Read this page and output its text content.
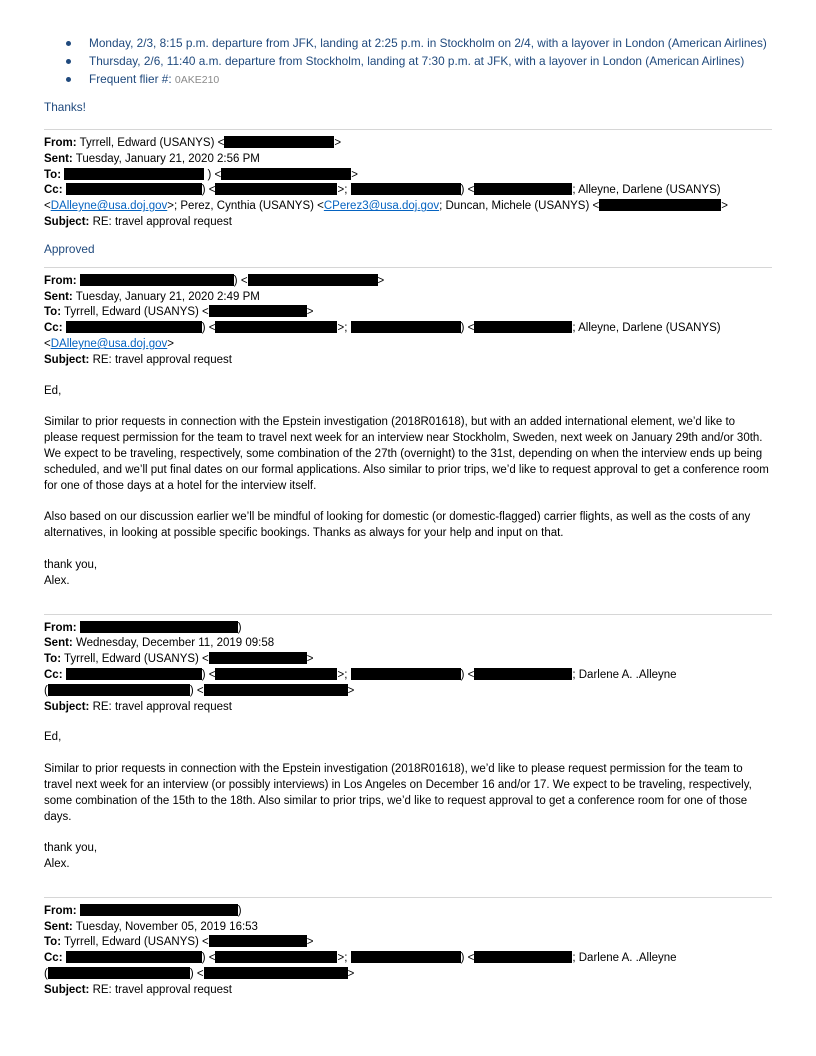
Monday, 2/3, 8:15 p.m. departure from JFK, landing at 2:25 p.m. in Stockholm on 2/4, with a layover in London (American Airlines)
Thursday, 2/6, 11:40 a.m. departure from Stockholm, landing at 7:30 p.m. at JFK, with a layover in London (American Airlines)
Frequent flier #: 0AKE210
Thanks!
From: Tyrrell, Edward (USANYS) <	>
Sent: Tuesday, January 21, 2020 2:56 PM
To:	) <	>
Cc:	) <	>;	) <	; Alleyne, Darlene (USANYS)
<DAlleyne@usa.doj.gov>; Perez, Cynthia (USANYS) <CPerez3@usa.doj.gov; Duncan, Michele (USANYS) <	>
Subject: RE: travel approval request
Approved
From:	) <	>
Sent: Tuesday, January 21, 2020 2:49 PM
To: Tyrrell, Edward (USANYS) <	>
Cc:	) <	>;	) <	; Alleyne, Darlene (USANYS)
<DAlleyne@usa.doj.gov>
Subject: RE: travel approval request

Ed,

Similar to prior requests in connection with the Epstein investigation (2018R01618), but with an added international element, we’d like to please request permission for the team to travel next week for an interview near Stockholm, Sweden, next week on January 29th and/or 30th. We expect to be traveling, respectively, some combination of the 27th (overnight) to the 31st, depending on when the interview ends up being scheduled, and we’ll put final dates on our formal applications. Also similar to prior trips, we’d like to request approval to get a conference room for one of those days at a hotel for the interview itself.

Also based on our discussion earlier we’ll be mindful of looking for domestic (or domestic-flagged) carrier flights, as well as the costs of any alternatives, in looking at possible specific bookings. Thanks as always for your help and input on that.

thank you,

Alex.

From:	)
Sent: Wednesday, December 11, 2019 09:58
To: Tyrrell, Edward (USANYS) <	>
Cc:	) <	>;	) <	; Darlene A. .Alleyne
(	) <	>
Subject: RE: travel approval request

Ed,

Similar to prior requests in connection with the Epstein investigation (2018R01618), we’d like to please request permission for the team to travel next week for an interview (or possibly interviews) in Los Angeles on December 16 and/or 17. We expect to be traveling, respectively, some combination of the 15th to the 18th. Also similar to prior trips, we’d like to request approval to get a conference room for one of those days.

thank you,

Alex.

From:	)
Sent: Tuesday, November 05, 2019 16:53
To: Tyrrell, Edward (USANYS) <	>
Cc:	) <	>;	) <	; Darlene A. .Alleyne
(	) <	>
Subject: RE: travel approval request
